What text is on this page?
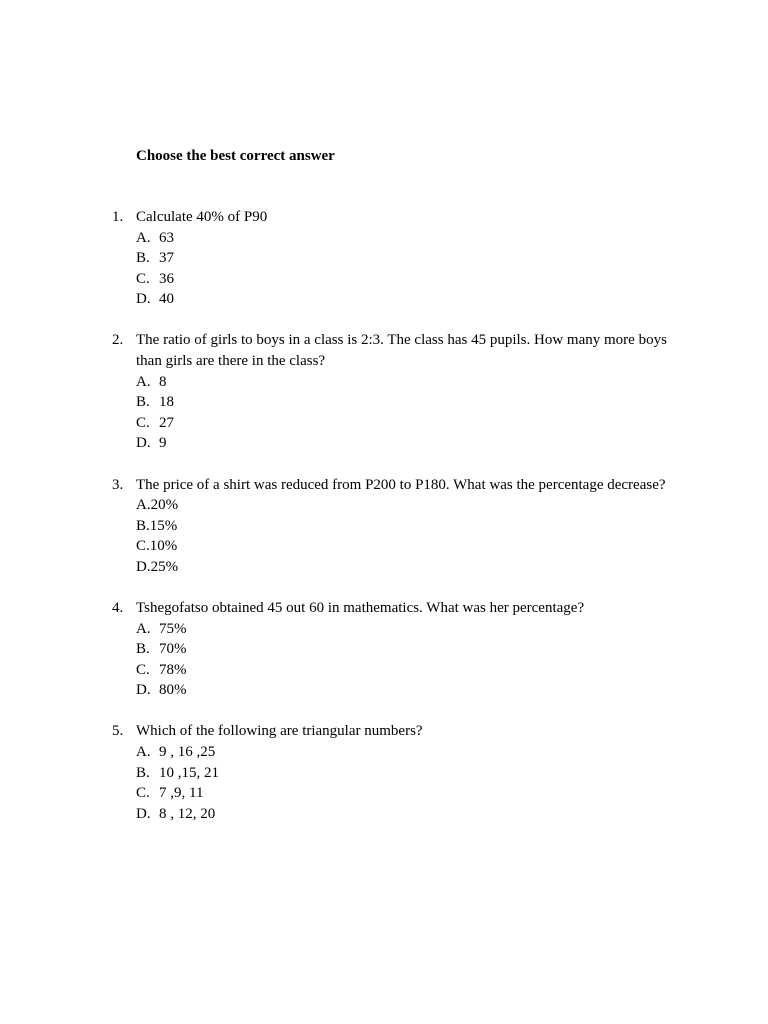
Choose the best correct answer
1. Calculate 40% of P90
A. 63
B. 37
C. 36
D. 40
2. The ratio of girls to boys in a class is 2:3. The class has 45 pupils. How many more boys than girls are there in the class?
A. 8
B. 18
C. 27
D. 9
3. The price of a shirt was reduced from P200 to P180. What was the percentage decrease?
A.20%
B.15%
C.10%
D.25%
4. Tshegofatso obtained 45 out 60 in mathematics. What was her percentage?
A. 75%
B. 70%
C. 78%
D. 80%
5. Which of the following are triangular numbers?
A. 9 , 16 ,25
B. 10 ,15, 21
C. 7 ,9, 11
D. 8 , 12, 20
